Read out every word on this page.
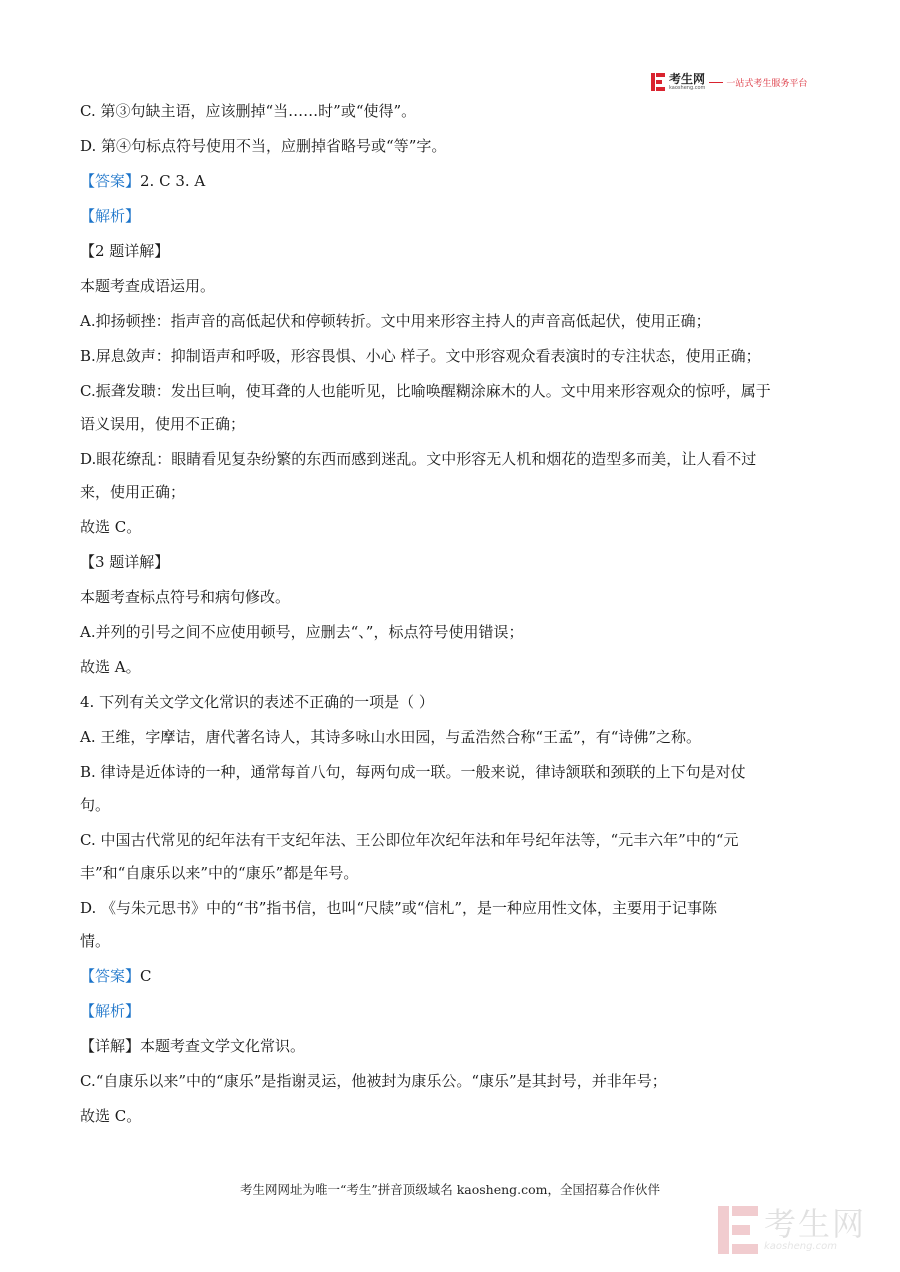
考生网
kaosheng.com 一站式考生服务平台
C. 第③句缺主语，应该删掉“当……时”或“使得”。
D. 第④句标点符号使用不当，应删掉省略号或“等”字。
【答案】2. C 3. A
【解析】
【2 题详解】
本题考查成语运用。
A.抑扬顿挫：指声音的高低起伏和停顿转折。文中用来形容主持人的声音高低起伏，使用正确；
B.屏息敛声：抑制语声和呼吸，形容畏惧、小心 样子。文中形容观众看表演时的专注状态，使用正确；
C.振聋发聩：发出巨响，使耳聋的人也能听见，比喻唤醒糊涂麻木的人。文中用来形容观众的惊呼，属于
语义误用，使用不正确；
D.眼花缭乱：眼睛看见复杂纷繁的东西而感到迷乱。文中形容无人机和烟花的造型多而美，让人看不过
来，使用正确；
故选 C。
【3 题详解】
本题考查标点符号和病句修改。
A.并列的引号之间不应使用顿号，应删去“、”，标点符号使用错误；
故选 A。
4. 下列有关文学文化常识的表述不正确的一项是（ ）
A. 王维，字摩诘，唐代著名诗人，其诗多咏山水田园，与孟浩然合称“王孟”，有“诗佛”之称。
B. 律诗是近体诗的一种，通常每首八句，每两句成一联。一般来说，律诗颔联和颈联的上下句是对仗
句。
C. 中国古代常见的纪年法有干支纪年法、王公即位年次纪年法和年号纪年法等，“元丰六年”中的“元
丰”和“自康乐以来”中的“康乐”都是年号。
D. 《与朱元思书》中的“书”指书信，也叫“尺牍”或“信札”，是一种应用性文体，主要用于记事陈
情。
【答案】C
【解析】
【详解】本题考查文学文化常识。
C.“自康乐以来”中的“康乐”是指谢灵运，他被封为康乐公。“康乐”是其封号，并非年号；
故选 C。
考生网网址为唯一“考生”拼音顶级域名 kaosheng.com，全国招募合作伙伴
考生网
kaosheng.com
